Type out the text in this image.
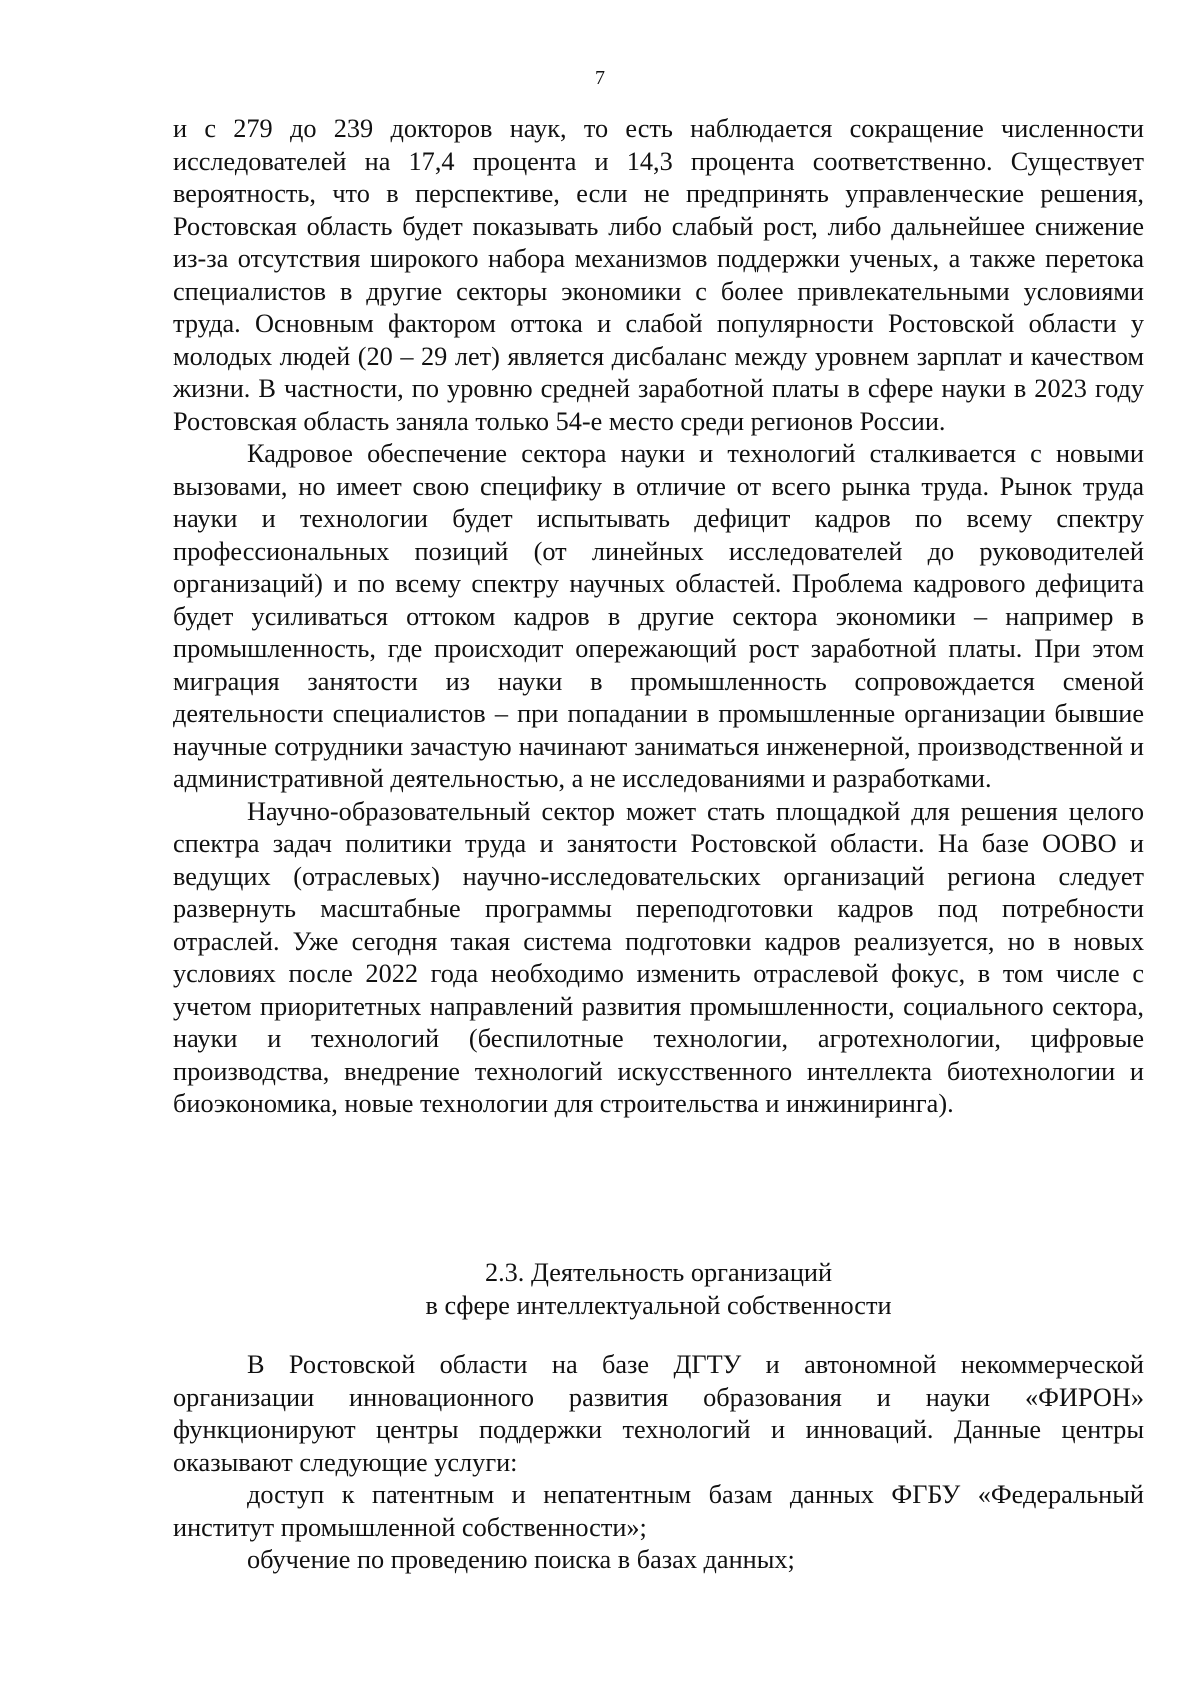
7

и с 279 до 239 докторов наук, то есть наблюдается сокращение численности исследователей на 17,4 процента и 14,3 процента соответственно. Существует вероятность, что в перспективе, если не предпринять управленческие решения, Ростовская область будет показывать либо слабый рост, либо дальнейшее снижение из-за отсутствия широкого набора механизмов поддержки ученых, а также перетока специалистов в другие секторы экономики с более привлекательными условиями труда. Основным фактором оттока и слабой популярности Ростовской области у молодых людей (20 – 29 лет) является дисбаланс между уровнем зарплат и качеством жизни. В частности, по уровню средней заработной платы в сфере науки в 2023 году Ростовская область заняла только 54-е место среди регионов России.

Кадровое обеспечение сектора науки и технологий сталкивается с новыми вызовами, но имеет свою специфику в отличие от всего рынка труда. Рынок труда науки и технологии будет испытывать дефицит кадров по всему спектру профессиональных позиций (от линейных исследователей до руководителей организаций) и по всему спектру научных областей. Проблема кадрового дефицита будет усиливаться оттоком кадров в другие сектора экономики – например в промышленность, где происходит опережающий рост заработной платы. При этом миграция занятости из науки в промышленность сопровождается сменой деятельности специалистов – при попадании в промышленные организации бывшие научные сотрудники зачастую начинают заниматься инженерной, производственной и административной деятельностью, а не исследованиями и разработками.

Научно-образовательный сектор может стать площадкой для решения целого спектра задач политики труда и занятости Ростовской области. На базе ООВО и ведущих (отраслевых) научно-исследовательских организаций региона следует развернуть масштабные программы переподготовки кадров под потребности отраслей. Уже сегодня такая система подготовки кадров реализуется, но в новых условиях после 2022 года необходимо изменить отраслевой фокус, в том числе с учетом приоритетных направлений развития промышленности, социального сектора, науки и технологий (беспилотные технологии, агротехнологии, цифровые производства, внедрение технологий искусственного интеллекта биотехнологии и биоэкономика, новые технологии для строительства и инжиниринга).

2.3. Деятельность организаций
в сфере интеллектуальной собственности

В Ростовской области на базе ДГТУ и автономной некоммерческой организации инновационного развития образования и науки «ФИРОН» функционируют центры поддержки технологий и инноваций. Данные центры оказывают следующие услуги:

доступ к патентным и непатентным базам данных ФГБУ «Федеральный институт промышленной собственности»;

обучение по проведению поиска в базах данных;
